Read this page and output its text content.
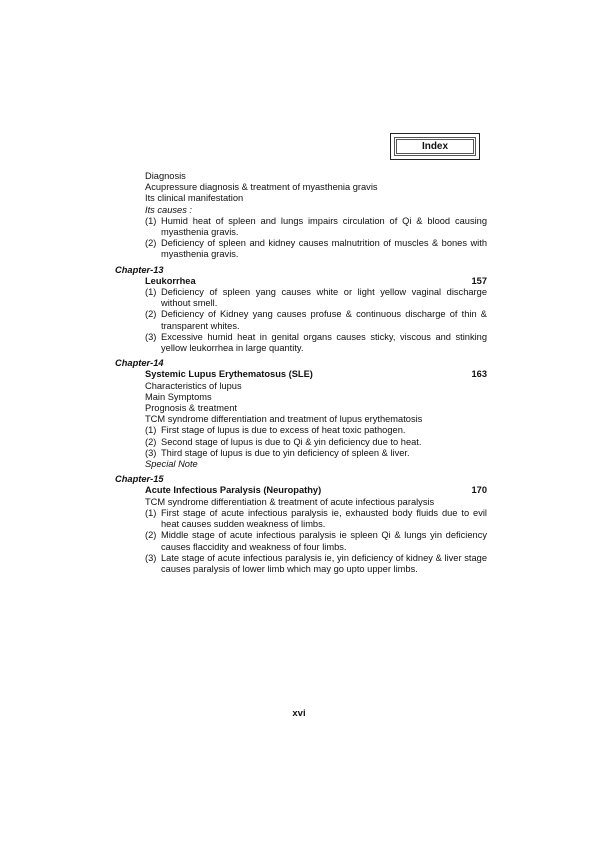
Index

Diagnosis

Acupressure diagnosis & treatment of myasthenia gravis

Its clinical manifestation

Its causes :

(1) Humid heat of spleen and lungs impairs circulation of Qi & blood causing myasthenia gravis.
(2) Deficiency of spleen and kidney causes malnutrition of muscles & bones with myasthenia gravis.

Chapter-13

Leukorrhea	157
(1) Deficiency of spleen yang causes white or light yellow vaginal discharge without smell.
(2) Deficiency of Kidney yang causes profuse & continuous discharge of thin & transparent whites.
(3) Excessive humid heat in genital organs causes sticky, viscous and stinking yellow leukorrhea in large quantity.

Chapter-14

Systemic Lupus Erythematosus (SLE)	163

Characteristics of lupus

Main Symptoms

Prognosis & treatment

TCM syndrome differentiation and treatment of lupus erythematosis

(1) First stage of lupus is due to excess of heat toxic pathogen.
(2) Second stage of lupus is due to Qi & yin deficiency due to heat.
(3) Third stage of lupus is due to yin deficiency of spleen & liver.

Special Note

Chapter-15

Acute Infectious Paralysis (Neuropathy)	170

TCM syndrome differentiation & treatment of acute infectious paralysis

(1) First stage of acute infectious paralysis ie, exhausted body fluids due to evil heat causes sudden weakness of limbs.
(2) Middle stage of acute infectious paralysis ie spleen Qi & lungs yin deficiency causes flaccidity and weakness of four limbs.
(3) Late stage of acute infectious paralysis ie, yin deficiency of kidney & liver stage causes paralysis of lower limb which may go upto upper limbs.
xvi
